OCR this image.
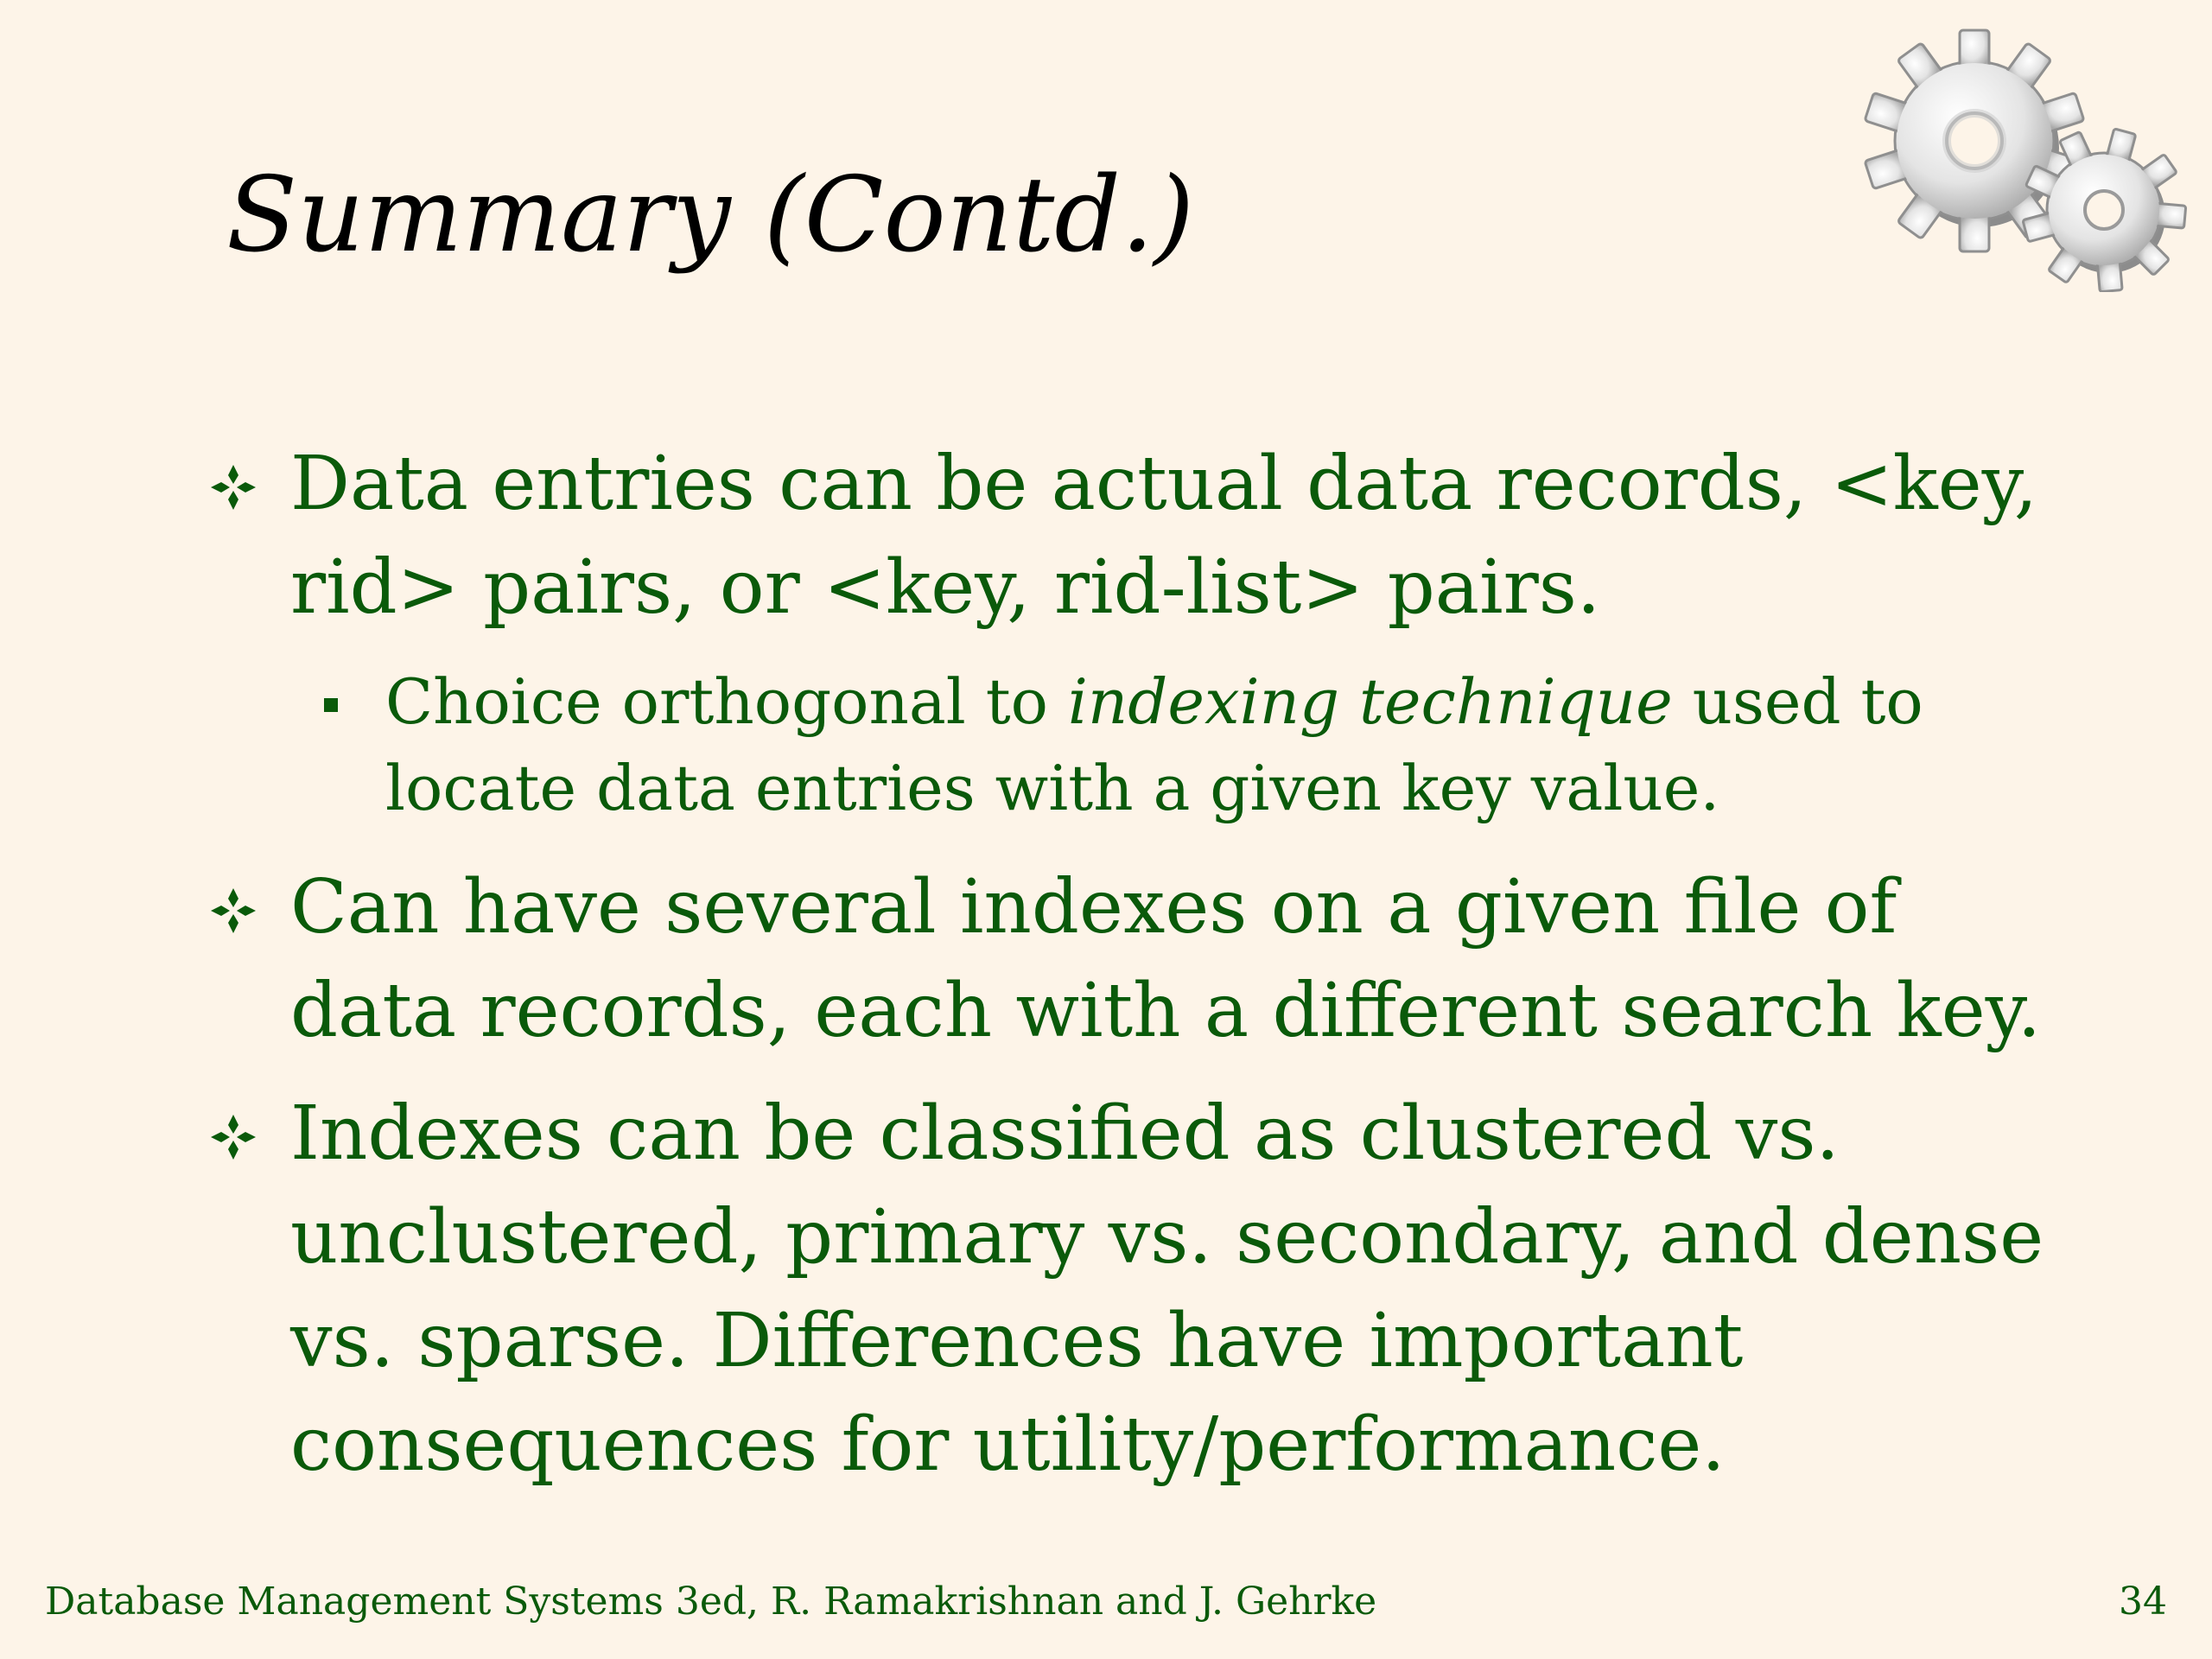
Summary (Contd.)
Data entries can be actual data records, <key, rid> pairs, or <key, rid-list> pairs.
Choice orthogonal to indexing technique used to locate data entries with a given key value.
Can have several indexes on a given file of data records, each with a different search key.
Indexes can be classified as clustered vs. unclustered, primary vs. secondary, and dense vs. sparse. Differences have important consequences for utility/performance.
Database Management Systems 3ed, R. Ramakrishnan and J. Gehrke	34
